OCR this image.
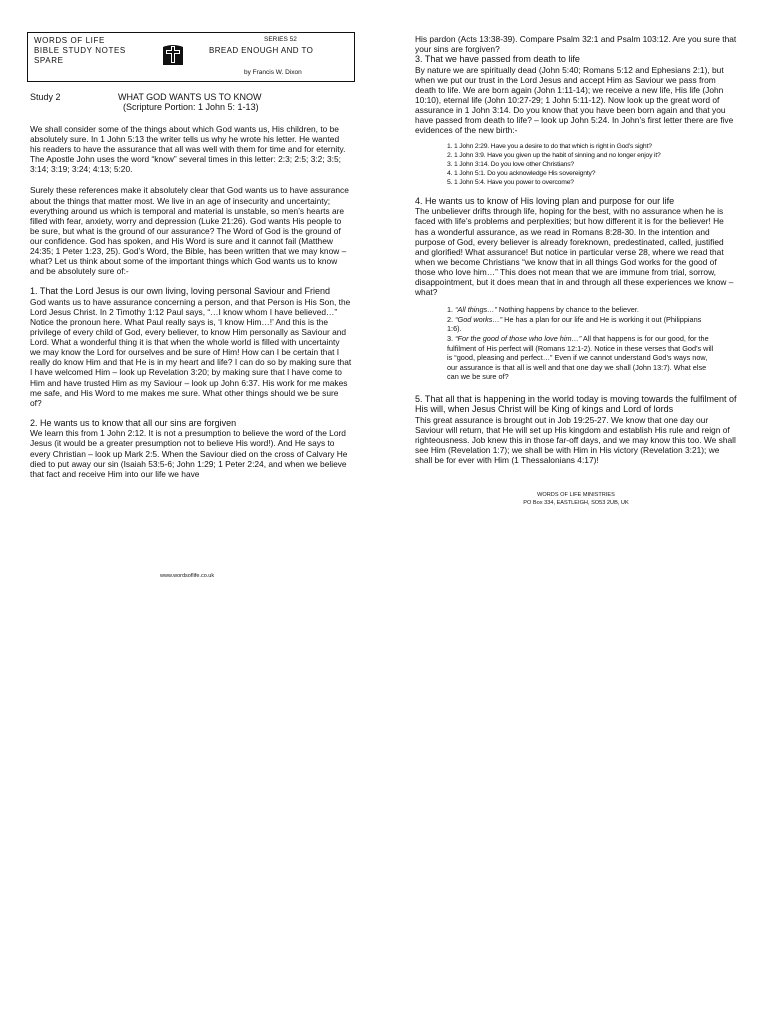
WORDS OF LIFE
BIBLE STUDY NOTES
SPARE
SERIES 52
BREAD ENOUGH AND TO
by Francis W. Dixon
Study 2	WHAT GOD WANTS US TO KNOW
(Scripture Portion: 1 John 5: 1-13)

We shall consider some of the things about which God wants us, His children, to be absolutely sure. In 1 John 5:13 the writer tells us why he wrote his letter. He wanted his readers to have the assurance that all was well with them for time and for eternity. The Apostle John uses the word “know” several times in this letter: 2:3; 2:5; 3:2; 3:5; 3:14; 3:19; 3:24; 4:13; 5:20.

Surely these references make it absolutely clear that God wants us to have assurance about the things that matter most. We live in an age of insecurity and uncertainty; everything around us which is temporal and material is unstable, so men’s hearts are filled with fear, anxiety, worry and depression (Luke 21:26). God wants His people to be sure, but what is the ground of our assurance? The Word of God is the ground of our confidence. God has spoken, and His Word is sure and it cannot fail (Matthew 24:35; 1 Peter 1:23, 25). God’s Word, the Bible, has been written that we may know – what? Let us think about some of the important things which God wants us to know and be absolutely sure of:-

1. That the Lord Jesus is our own living, loving personal Saviour and Friend

God wants us to have assurance concerning a person, and that Person is His Son, the Lord Jesus Christ. In 2 Timothy 1:12 Paul says, “…I know whom I have believed…” Notice the pronoun here. What Paul really says is, ‘I know Him…!’ And this is the privilege of every child of God, every believer, to know Him personally as Saviour and Lord. What a wonderful thing it is that when the whole world is filled with uncertainty we may know the Lord for ourselves and be sure of Him! How can I be certain that I really do know Him and that He is in my heart and life? I can do so by making sure that I have welcomed Him – look up Revelation 3:20; by making sure that I have come to Him and have trusted Him as my Saviour – look up John 6:37. His work for me makes me safe, and His Word to me makes me sure. What other things should we be sure of?

2. He wants us to know that all our sins are forgiven

We learn this from 1 John 2:12. It is not a presumption to believe the word of the Lord Jesus (it would be a greater presumption not to believe His word!). And He says to every Christian – look up Mark 2:5. When the Saviour died on the cross of Calvary He died to put away our sin (Isaiah 53:5-6; John 1:29; 1 Peter 2:24, and when we believe that fact and receive Him into our life we have

www.wordsoflife.co.uk

His pardon (Acts 13:38-39). Compare Psalm 32:1 and Psalm 103:12. Are you sure that your sins are forgiven?

3. That we have passed from death to life

By nature we are spiritually dead (John 5:40; Romans 5:12 and Ephesians 2:1), but when we put our trust in the Lord Jesus and accept Him as Saviour we pass from death to life. We are born again (John 1:11-14); we receive a new life, His life (John 10:10), eternal life (John 10:27-29; 1 John 5:11-12). Now look up the great word of assurance in 1 John 3:14. Do you know that you have been born again and that you have passed from death to life? – look up John 5:24. In John’s first letter there are five evidences of the new birth:-

1. 1 John 2:29. Have you a desire to do that which is right in God’s sight?
2. 1 John 3:9. Have you given up the habit of sinning and no longer enjoy it?
3. 1 John 3:14. Do you love other Christians?
4. 1 John 5:1. Do you acknowledge His sovereignty?
5. 1 John 5:4. Have you power to overcome?

4. He wants us to know of His loving plan and purpose for our life

The unbeliever drifts through life, hoping for the best, with no assurance when he is faced with life’s problems and perplexities; but how different it is for the believer! He has a wonderful assurance, as we read in Romans 8:28-30. In the intention and purpose of God, every believer is already foreknown, predestinated, called, justified and glorified! What assurance! But notice in particular verse 28, where we read that when we become Christians “we know that in all things God works for the good of those who love him…” This does not mean that we are immune from trial, sorrow, disappointment, but it does mean that in and through all these experiences we know – what?

1. “All things…” Nothing happens by chance to the believer.

2. “God works…” He has a plan for our life and He is working it out (Philippians 1:6).

3. “For the good of those who love him…” All that happens is for our good, for the fulfilment of His perfect will (Romans 12:1-2). Notice in these verses that God’s will is “good, pleasing and perfect…” Even if we cannot understand God’s ways now, our assurance is that all is well and that one day we shall (John 13:7). What else can we be sure of?

5. That all that is happening in the world today is moving towards the fulfilment of His will, when Jesus Christ will be King of kings and Lord of lords

This great assurance is brought out in Job 19:25-27. We know that one day our Saviour will return, that He will set up His kingdom and establish His rule and reign of righteousness. Job knew this in those far-off days, and we may know this too. We shall see Him (Revelation 1:7); we shall be with Him in His victory (Revelation 3:21); we shall be for ever with Him (1 Thessalonians 4:17)!

WORDS OF LIFE MINISTRIES
PO Box 334, EASTLEIGH, SO53 2UB, UK
